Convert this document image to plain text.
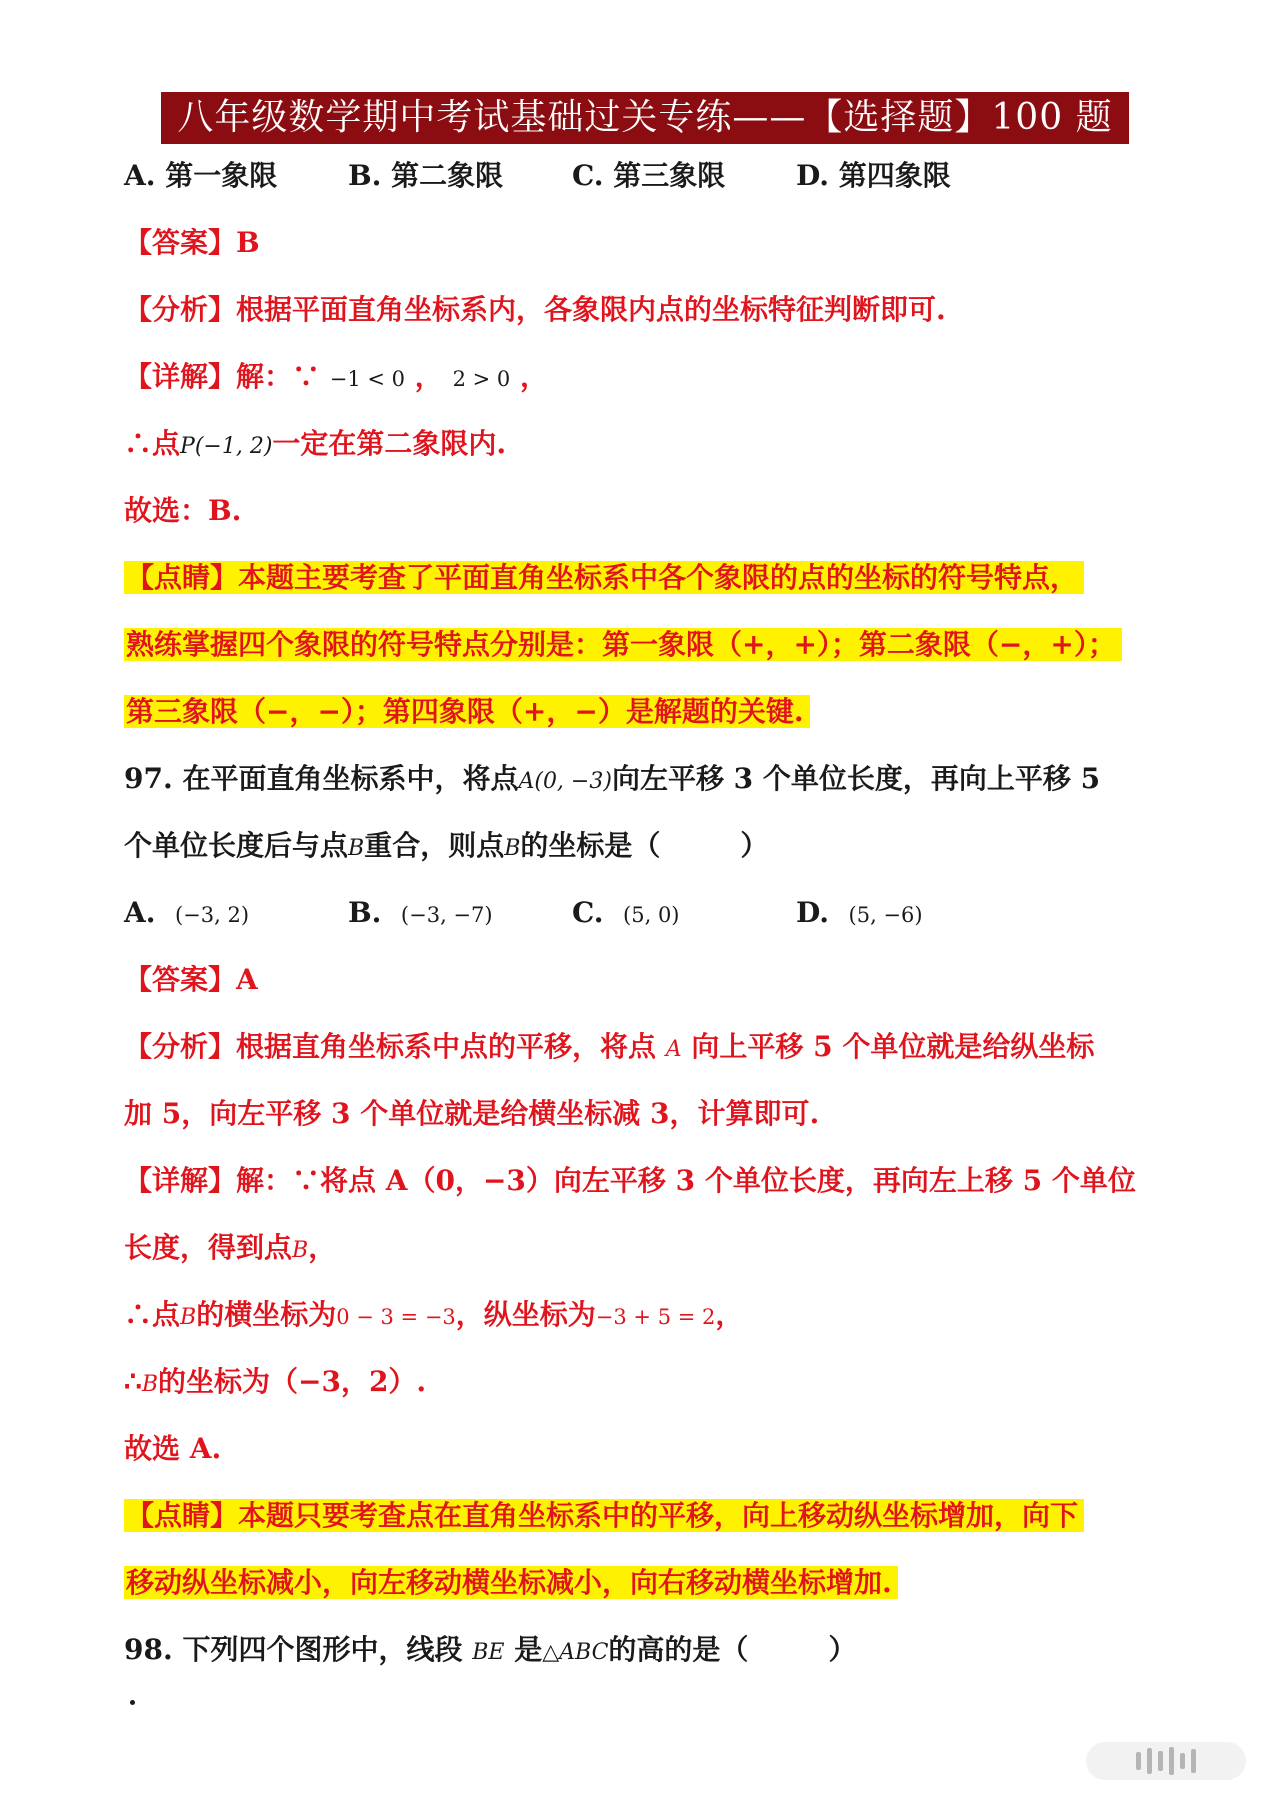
八年级数学期中考试基础过关专练——【选择题】100 题
A. 第一象限	B. 第二象限 C. 第三象限	D. 第四象限
【答案】B
【分析】根据平面直角坐标系内，各象限内点的坐标特征判断即可.
【详解】解：∵ −1 < 0 ， 2 > 0 ，
∴点P(−1, 2)一定在第二象限内.
故选：B.
【点睛】本题主要考查了平面直角坐标系中各个象限的点的坐标的符号特点，
熟练掌握四个象限的符号特点分别是：第一象限（+，+）；第二象限（−，+）；
第三象限（−，−）；第四象限（+，−）是解题的关键.
97. 在平面直角坐标系中，将点A(0, −3)向左平移 3 个单位长度，再向上平移 5
个单位长度后与点B重合，则点B的坐标是（	）
A. (−3, 2)	B. (−3, −7)	C. (5, 0)	D. (5, −6)
【答案】A
【分析】根据直角坐标系中点的平移，将点 A 向上平移 5 个单位就是给纵坐标
加 5，向左平移 3 个单位就是给横坐标减 3，计算即可.
【详解】解：∵将点 A（0，−3）向左平移 3 个单位长度，再向左上移 5 个单位
长度，得到点B，
∴点B的横坐标为0 − 3 = −3，纵坐标为−3 + 5 = 2，
∴B的坐标为（−3，2）.
故选 A.
【点睛】本题只要考查点在直角坐标系中的平移，向上移动纵坐标增加，向下
移动纵坐标减小，向左移动横坐标减小，向右移动横坐标增加.
98. 下列四个图形中，线段 BE 是△ABC的高的是（	）
